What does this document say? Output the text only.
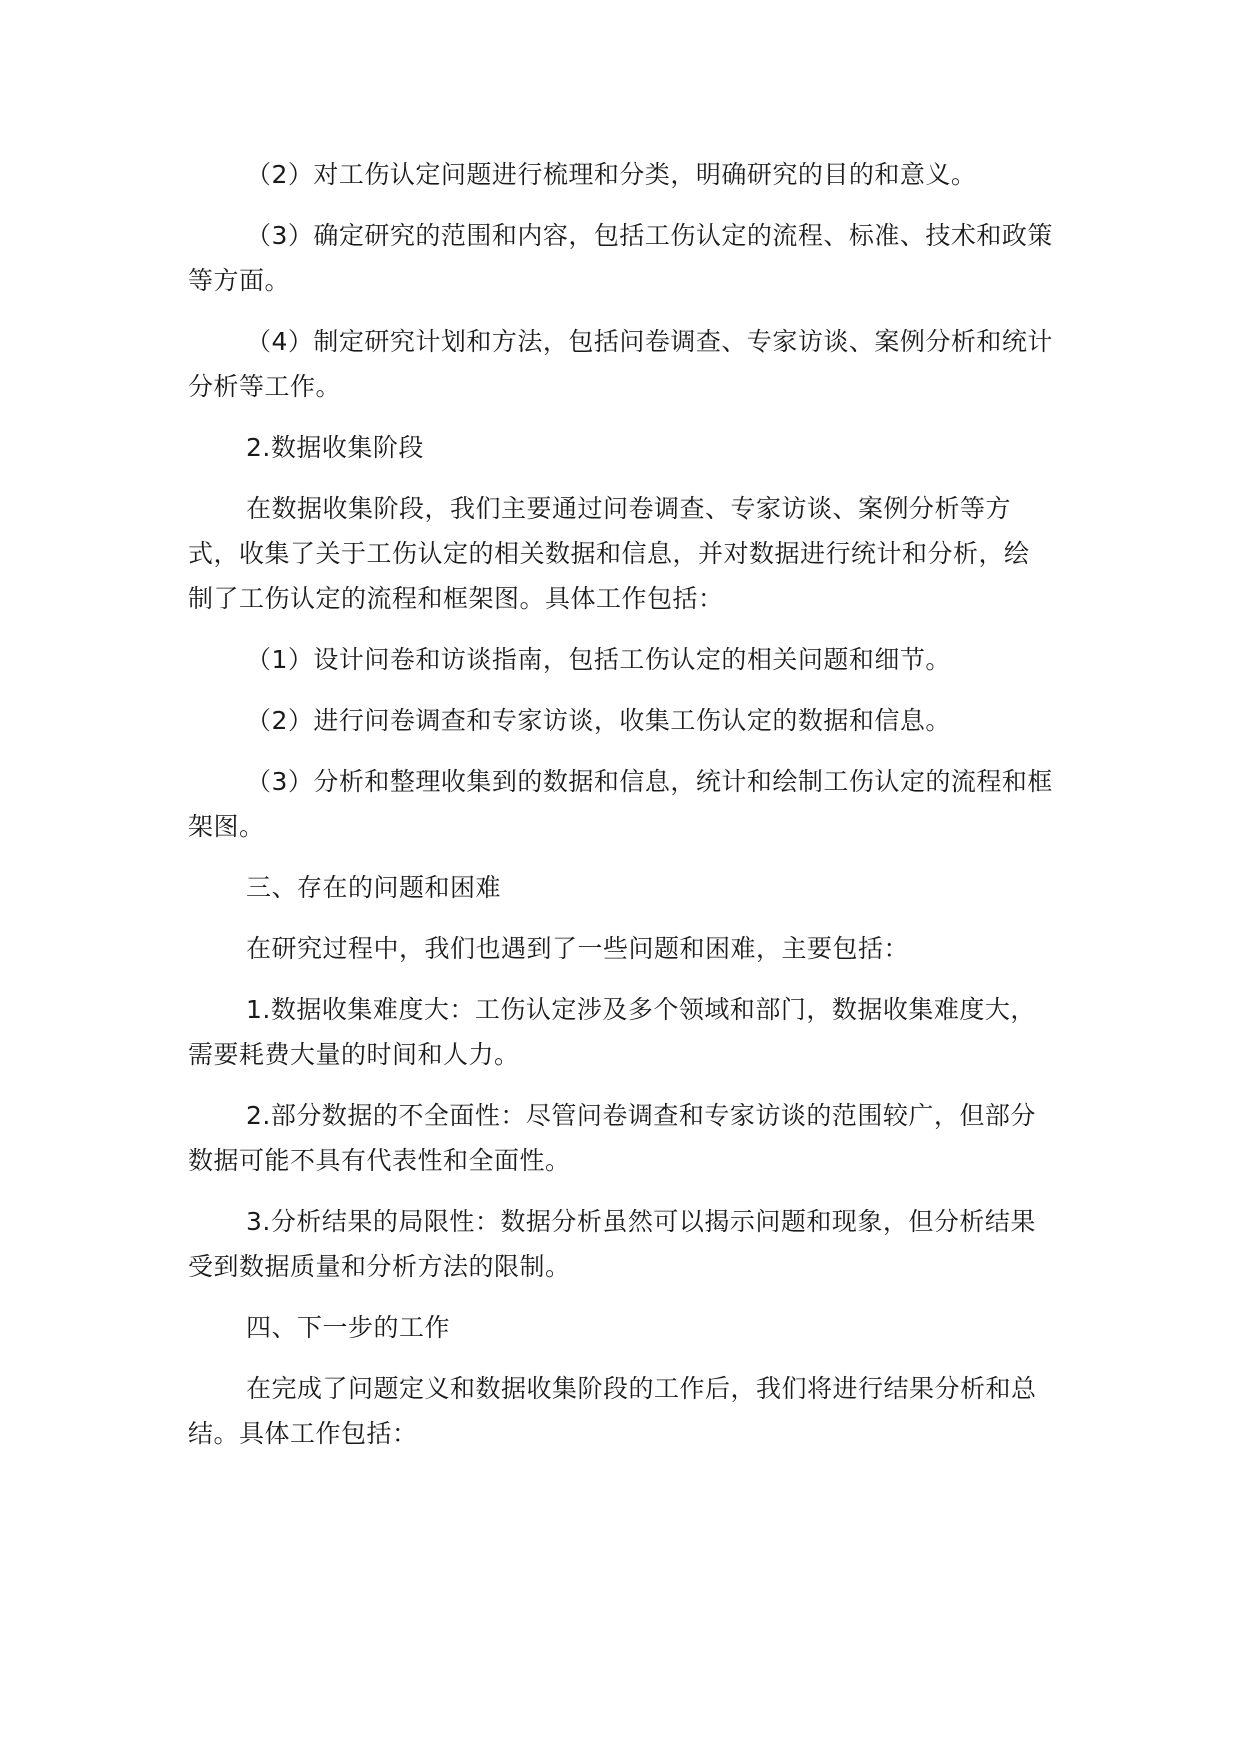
（2）对工伤认定问题进行梳理和分类，明确研究的目的和意义。

（3）确定研究的范围和内容，包括工伤认定的流程、标准、技术和政策等方面。

（4）制定研究计划和方法，包括问卷调查、专家访谈、案例分析和统计分析等工作。

2.数据收集阶段

在数据收集阶段，我们主要通过问卷调查、专家访谈、案例分析等方式，收集了关于工伤认定的相关数据和信息，并对数据进行统计和分析，绘制了工伤认定的流程和框架图。具体工作包括：

（1）设计问卷和访谈指南，包括工伤认定的相关问题和细节。

（2）进行问卷调查和专家访谈，收集工伤认定的数据和信息。

（3）分析和整理收集到的数据和信息，统计和绘制工伤认定的流程和框架图。

三、存在的问题和困难

在研究过程中，我们也遇到了一些问题和困难，主要包括：

1.数据收集难度大：工伤认定涉及多个领域和部门，数据收集难度大，需要耗费大量的时间和人力。

2.部分数据的不全面性：尽管问卷调查和专家访谈的范围较广，但部分数据可能不具有代表性和全面性。

3.分析结果的局限性：数据分析虽然可以揭示问题和现象，但分析结果受到数据质量和分析方法的限制。

四、下一步的工作

在完成了问题定义和数据收集阶段的工作后，我们将进行结果分析和总结。具体工作包括：
